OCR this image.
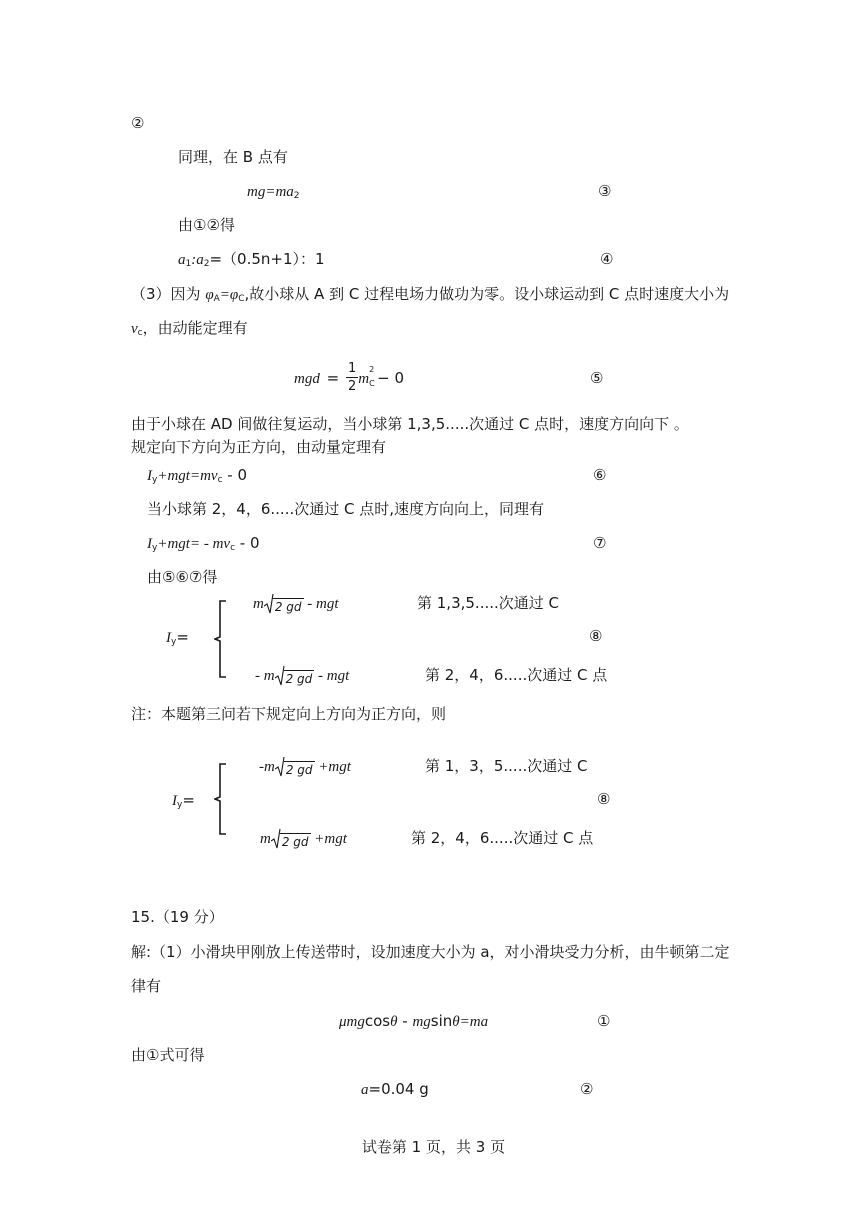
②
同理，在 B 点有
$mg=ma_2$	③
由①②得
$a_1:a_2=(0.5n+1)$：1	④
（3）因为 $\varphi_A=\varphi_C$,故小球从 A 到 C 过程电场力做功为零。设小球运动到 C 点时速度大小为
$v_c$，由动能定理有
mgd = $\frac{1}{2}$ m
2
C − 0	⑤
由于小球在 AD 间做往复运动，当小球第 1,3,5.....次通过 C 点时，速度方向向下 。
规定向下方向为正方向，由动量定理有
$I_y+mgt=mv_c - 0$	⑥
当小球第 2，4，6.....次通过 C 点时,速度方向向上，同理有
$I_y+mgt= - mv_c - 0$	⑦
由⑤⑥⑦得
m 2 gd - mgt	第 1,3,5.....次通过 C
$I_y=$	⑧
- m 2 gd - mgt	第 2，4，6.....次通过 C 点
注：本题第三问若下规定向上方向为正方向，则
-m 2 gd +mgt	第 1，3，5.....次通过 C
$I_y=$	⑧
m 2 gd +mgt	第 2，4，6.....次通过 C 点
15.（19 分）
解:（1）小滑块甲刚放上传送带时，设加速度大小为 a，对小滑块受力分析，由牛顿第二定
律有
μmgcosθ - mgsinθ=ma	①
由①式可得
a=0.04 g	②
试卷第 1 页，共 3 页
